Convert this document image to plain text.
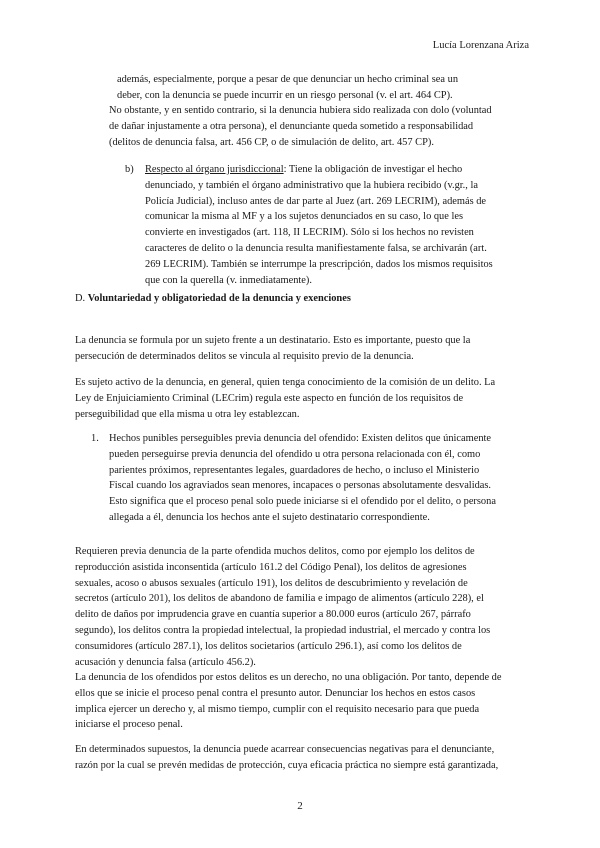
Lucía Lorenzana Ariza
además, especialmente, porque a pesar de que denunciar un hecho criminal sea un
deber, con la denuncia se puede incurrir en un riesgo personal (v. el art. 464 CP).
No obstante, y en sentido contrario, si la denuncia hubiera sido realizada con dolo (voluntad
de dañar injustamente a otra persona), el denunciante queda sometido a responsabilidad
(delitos de denuncia falsa, art. 456 CP, o de simulación de delito, art. 457 CP).
b) Respecto al órgano jurisdiccional: Tiene la obligación de investigar el hecho
denunciado, y también el órgano administrativo que la hubiera recibido (v.gr., la
Policía Judicial), incluso antes de dar parte al Juez (art. 269 LECRIM), además de
comunicar la misma al MF y a los sujetos denunciados en su caso, lo que les
convierte en investigados (art. 118, II LECRIM). Sólo si los hechos no revisten
caracteres de delito o la denuncia resulta manifiestamente falsa, se archivarán (art.
269 LECRIM). También se interrumpe la prescripción, dados los mismos requisitos
que con la querella (v. inmediatamente).
D. Voluntariedad y obligatoriedad de la denuncia y exenciones
La denuncia se formula por un sujeto frente a un destinatario. Esto es importante, puesto que la
persecución de determinados delitos se vincula al requisito previo de la denuncia.
Es sujeto activo de la denuncia, en general, quien tenga conocimiento de la comisión de un delito. La
Ley de Enjuiciamiento Criminal (LECrim) regula este aspecto en función de los requisitos de
perseguibilidad que ella misma u otra ley establezcan.
1. Hechos punibles perseguibles previa denuncia del ofendido: Existen delitos que únicamente
pueden perseguirse previa denuncia del ofendido u otra persona relacionada con él, como
parientes próximos, representantes legales, guardadores de hecho, o incluso el Ministerio
Fiscal cuando los agraviados sean menores, incapaces o personas absolutamente desvalidas.
Esto significa que el proceso penal solo puede iniciarse si el ofendido por el delito, o persona
allegada a él, denuncia los hechos ante el sujeto destinatario correspondiente.
Requieren previa denuncia de la parte ofendida muchos delitos, como por ejemplo los delitos de
reproducción asistida inconsentida (artículo 161.2 del Código Penal), los delitos de agresiones
sexuales, acoso o abusos sexuales (artículo 191), los delitos de descubrimiento y revelación de
secretos (artículo 201), los delitos de abandono de familia e impago de alimentos (artículo 228), el
delito de daños por imprudencia grave en cuantía superior a 80.000 euros (artículo 267, párrafo
segundo), los delitos contra la propiedad intelectual, la propiedad industrial, el mercado y contra los
consumidores (artículo 287.1), los delitos societarios (artículo 296.1), así como los delitos de
acusación y denuncia falsa (artículo 456.2).
La denuncia de los ofendidos por estos delitos es un derecho, no una obligación. Por tanto, depende de
ellos que se inicie el proceso penal contra el presunto autor. Denunciar los hechos en estos casos
implica ejercer un derecho y, al mismo tiempo, cumplir con el requisito necesario para que pueda
iniciarse el proceso penal.
En determinados supuestos, la denuncia puede acarrear consecuencias negativas para el denunciante,
razón por la cual se prevén medidas de protección, cuya eficacia práctica no siempre está garantizada,
2
